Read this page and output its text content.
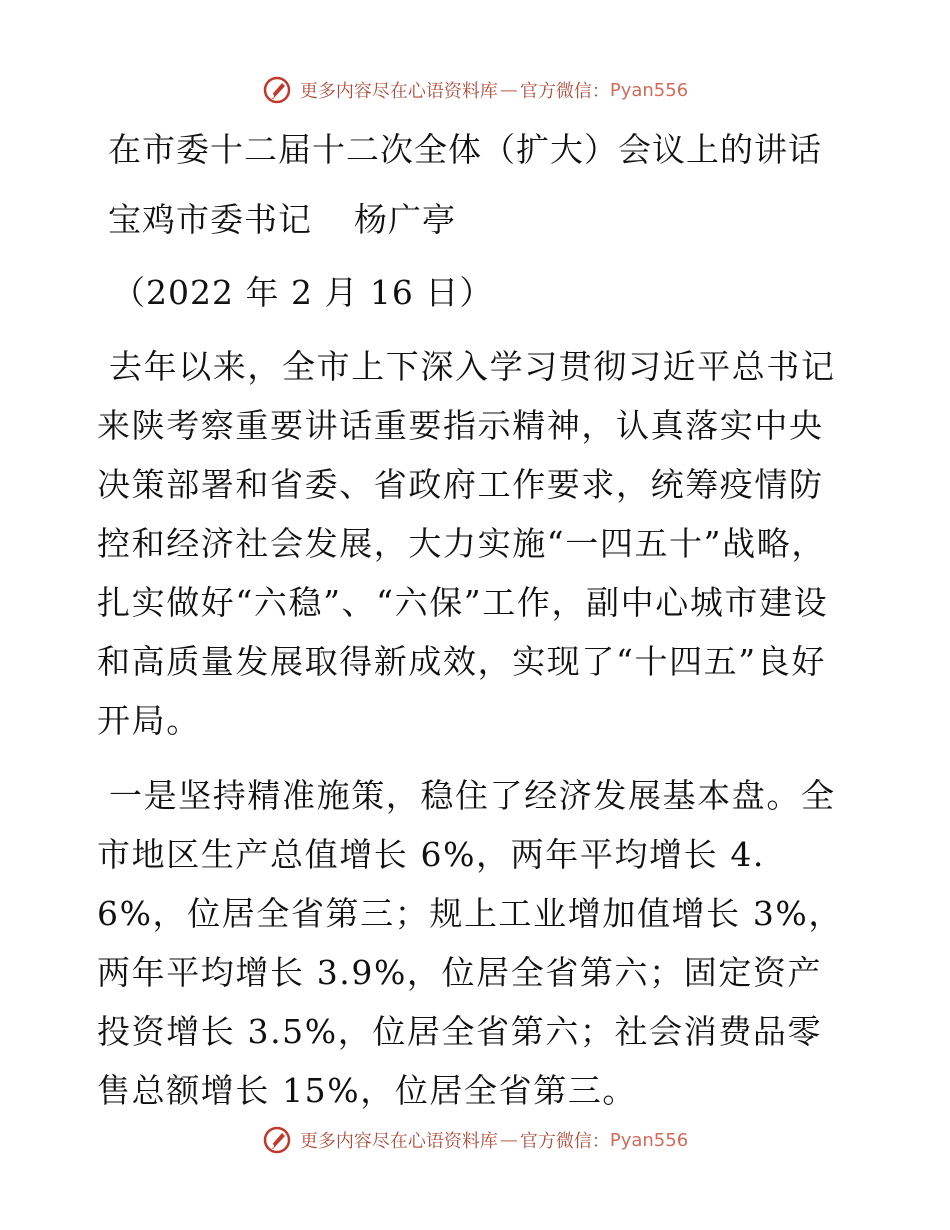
更多内容尽在心语资料库 — 官方微信： Pyan556
在市委十二届十二次全体（扩大）会议上的讲话
宝鸡市委书记 杨广亭
（2022 年 2 月 16 日）
去年以来，全市上下深入学习贯彻习近平总书记来陕考察重要讲话重要指示精神，认真落实中央决策部署和省委、省政府工作要求，统筹疫情防控和经济社会发展，大力实施“一四五十”战略，扎实做好“六稳”、“六保”工作，副中心城市建设和高质量发展取得新成效，实现了“十四五”良好开局。
一是坚持精准施策，稳住了经济发展基本盘。全市地区生产总值增长 6%，两年平均增长 4.6%，位居全省第三；规上工业增加值增长 3%，两年平均增长 3.9%，位居全省第六；固定资产投资增长 3.5%，位居全省第六；社会消费品零售总额增长 15%，位居全省第三。
更多内容尽在心语资料库 — 官方微信： Pyan556
